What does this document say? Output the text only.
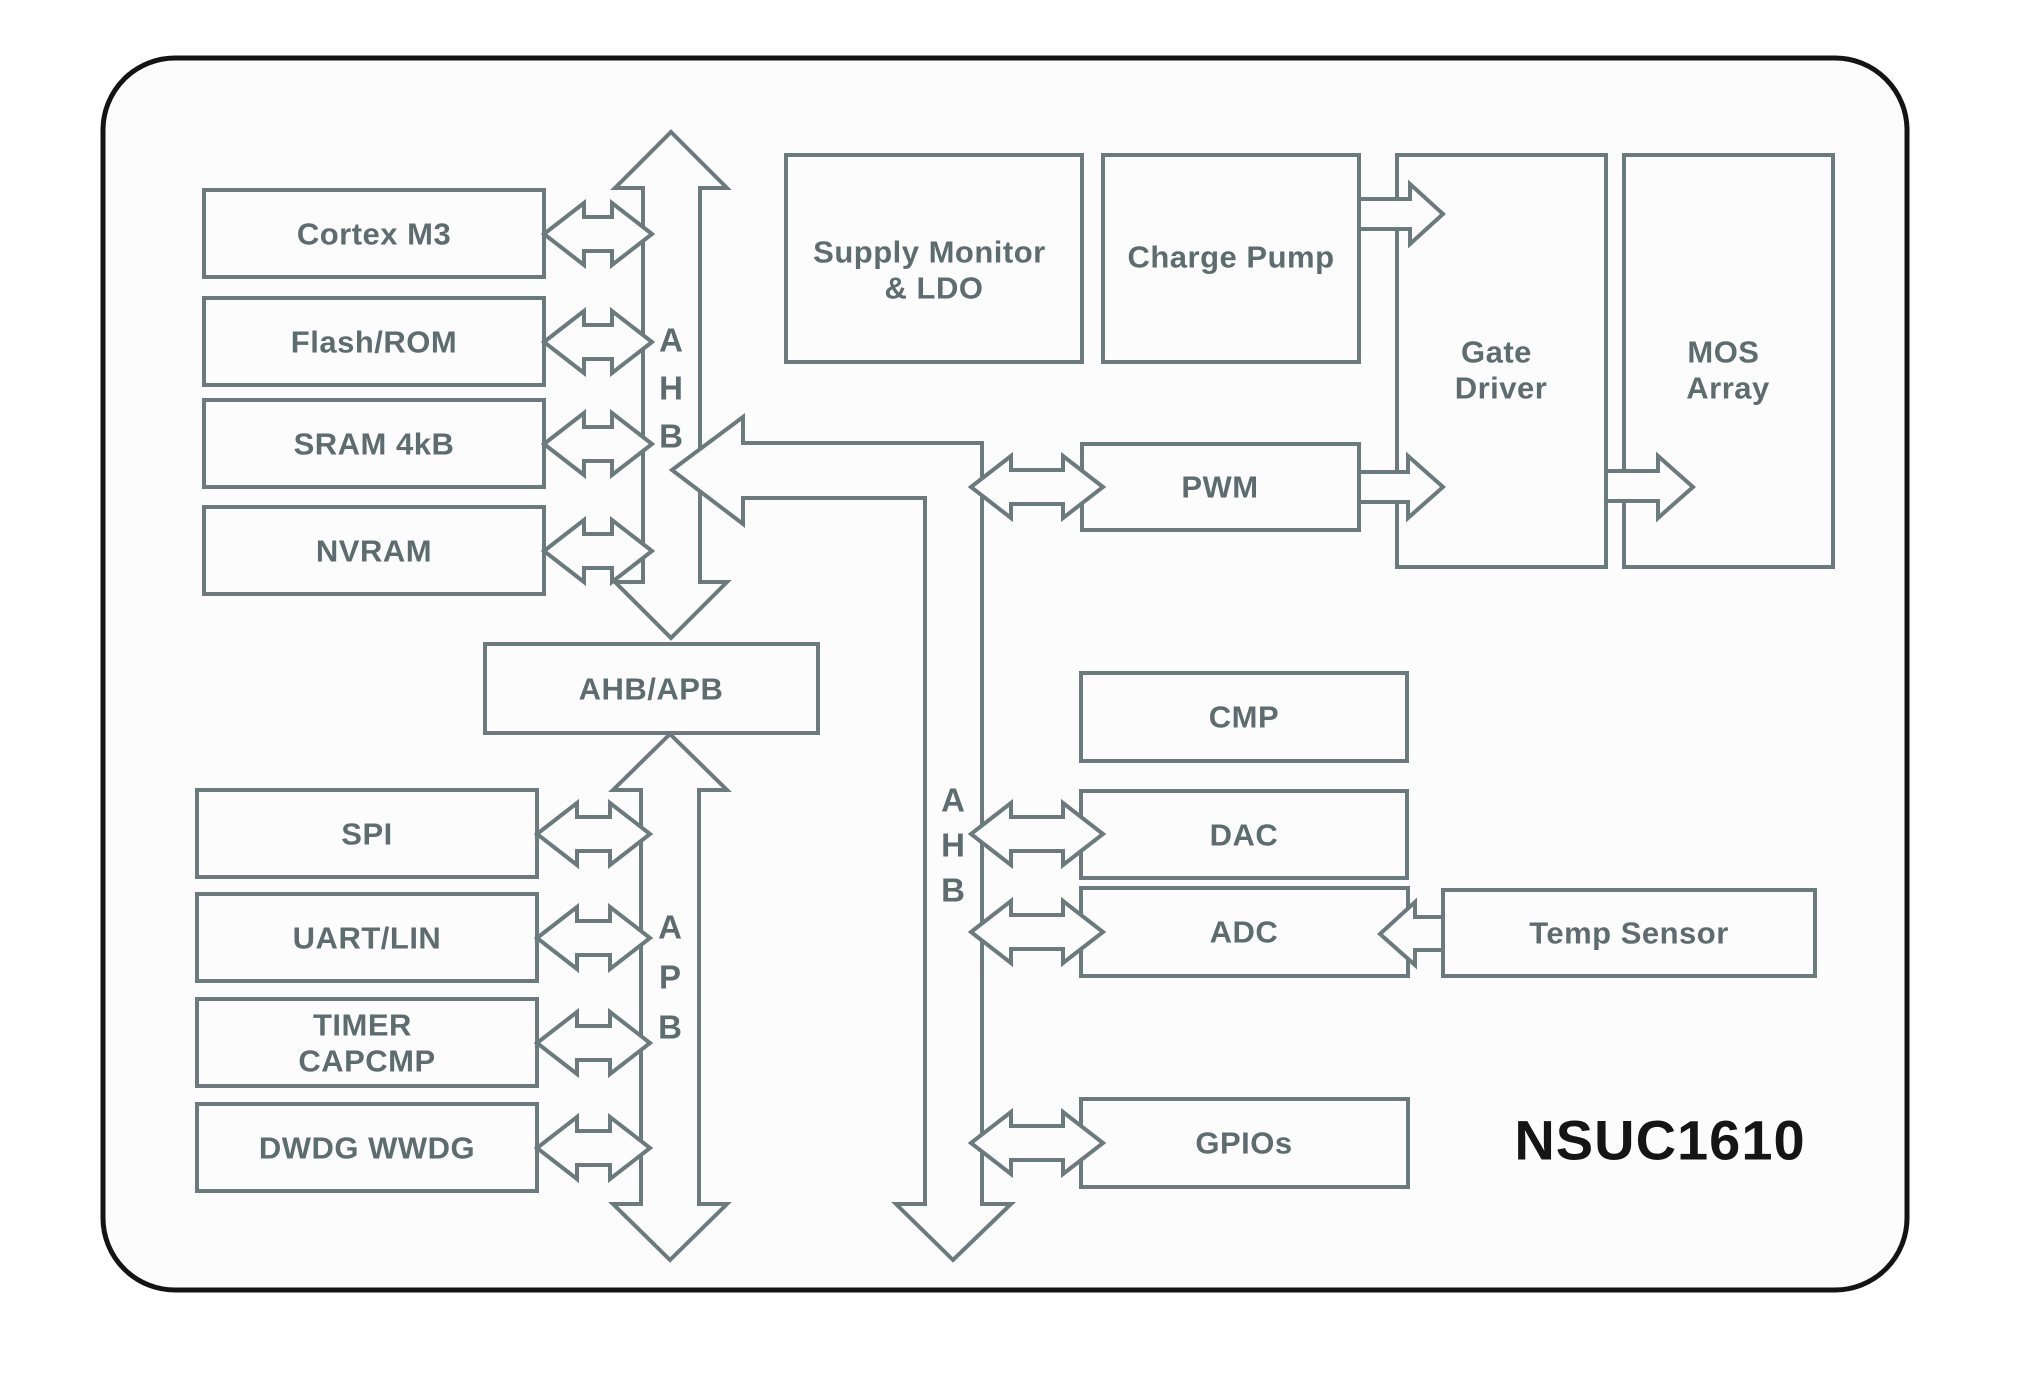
Cortex M3
Flash/ROM
SRAM 4kB
NVRAM
AHB/APB
SPI
UART/LIN
TIMER CAPCMP
DWDG WWDG
Supply Monitor & LDO
Charge Pump
Gate Driver
MOS Array
PWM
CMP
DAC
ADC
GPIOs
Temp Sensor
A
H
B
A
P
B
A
H
B
NSUC1610
